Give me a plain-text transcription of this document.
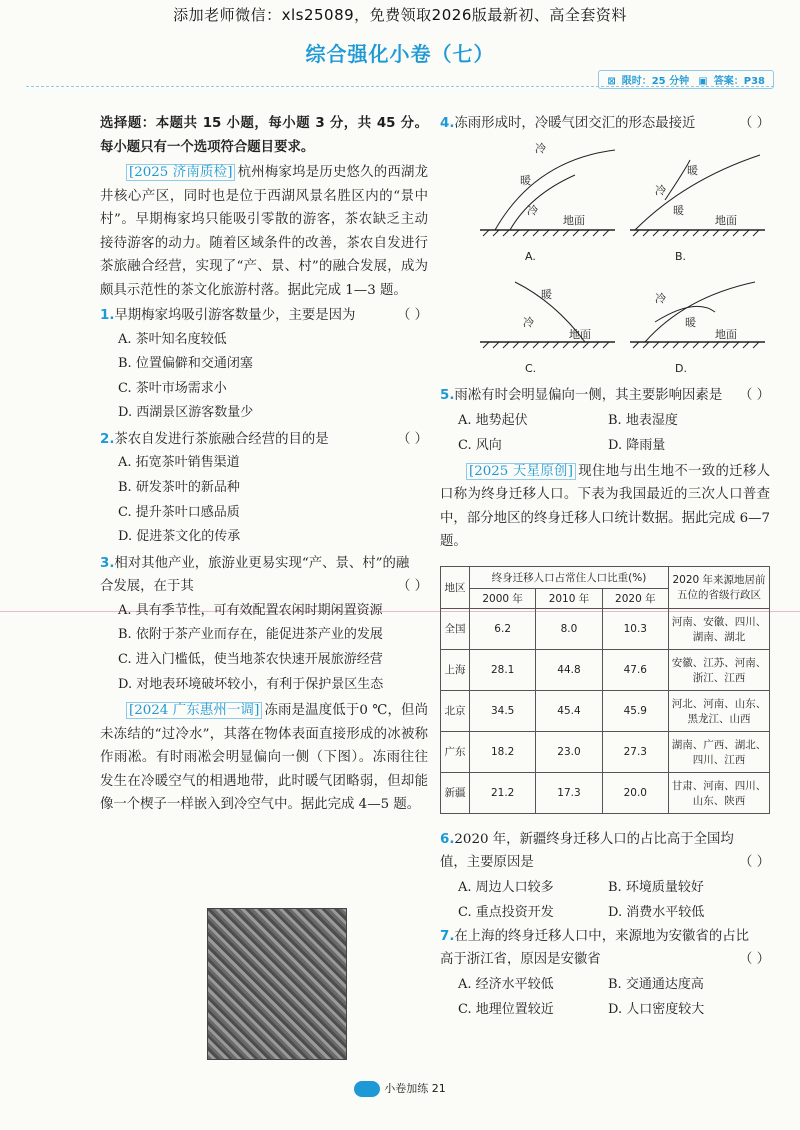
添加老师微信：xls25089，免费领取2026版最新初、高全套资料
综合强化小卷（七）
⊠ 限时：25 分钟 ▣ 答案：P38
选择题：本题共 15 小题，每小题 3 分，共 45 分。每小题只有一个选项符合题目要求。
[2025 济南质检] 杭州梅家坞是历史悠久的西湖龙井核心产区，同时也是位于西湖风景名胜区内的“景中村”。早期梅家坞只能吸引零散的游客，茶农缺乏主动接待游客的动力。随着区域条件的改善，茶农自发进行茶旅融合经营，实现了“产、景、村”的融合发展，成为颇具示范性的茶文化旅游村落。据此完成 1—3 题。
1.早期梅家坞吸引游客数量少，主要是因为	（ ）
A. 茶叶知名度较低
B. 位置偏僻和交通闭塞
C. 茶叶市场需求小
D. 西湖景区游客数量少
2.茶农自发进行茶旅融合经营的目的是	（ ）
A. 拓宽茶叶销售渠道
B. 研发茶叶的新品种
C. 提升茶叶口感品质
D. 促进茶文化的传承
3.相对其他产业，旅游业更易实现“产、景、村”的融合发展，在于其	（ ）
A. 具有季节性，可有效配置农闲时期闲置资源
B. 依附于茶产业而存在，能促进茶产业的发展
C. 进入门槛低，使当地茶农快速开展旅游经营
D. 对地表环境破坏较小，有利于保护景区生态
[2024 广东惠州一调] 冻雨是温度低于0 ℃，但尚未冻结的“过冷水”，其落在物体表面直接形成的冰被称作雨凇。有时雨凇会明显偏向一侧（下图）。冻雨往往发生在冷暖空气的相遇地带，此时暖气团略弱，但却能像一个楔子一样嵌入到冷空气中。据此完成 4—5 题。
4.冻雨形成时，冷暖气团交汇的形态最接近	（ ）
冷
暖
冷
地面
A.
暖
冷
暖
地面
B.
暖
冷
地面
C.
冷
暖
地面
D.
5.雨凇有时会明显偏向一侧，其主要影响因素是 （ ）
A. 地势起伏	B. 地表湿度
C. 风向	D. 降雨量
[2025 天星原创] 现住地与出生地不一致的迁移人口称为终身迁移人口。下表为我国最近的三次人口普查中，部分地区的终身迁移人口统计数据。据此完成 6—7 题。
地区	终身迁移人口占常住人口比重(%)			2020 年来源地居前五位的省级行政区
	2000 年	2010 年	2020 年	
全国	6.2	8.0	10.3	河南、安徽、四川、湖南、湖北
上海	28.1	44.8	47.6	安徽、江苏、河南、浙江、江西
北京	34.5	45.4	45.9	河北、河南、山东、黑龙江、山西
广东	18.2	23.0	27.3	湖南、广西、湖北、四川、江西
新疆	21.2	17.3	20.0	甘肃、河南、四川、山东、陕西
6.2020 年，新疆终身迁移人口的占比高于全国均值，主要原因是	（ ）
A. 周边人口较多	B. 环境质量较好
C. 重点投资开发	D. 消费水平较低
7.在上海的终身迁移人口中，来源地为安徽省的占比高于浙江省，原因是安徽省	（ ）
A. 经济水平较低	B. 交通通达度高
C. 地理位置较近	D. 人口密度较大
小卷加练 21
